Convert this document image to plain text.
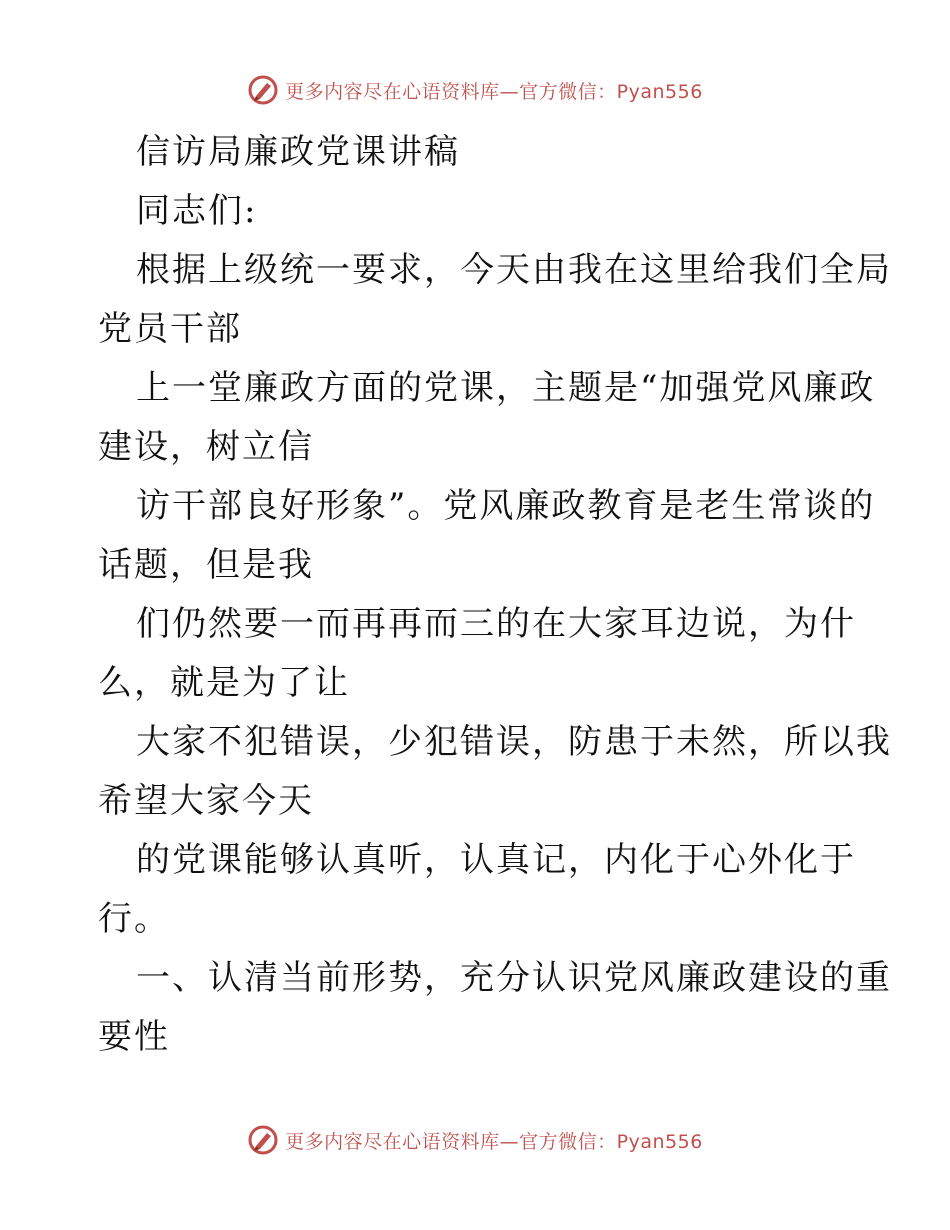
更多内容尽在心语资料库—官方微信：Pyan556
信访局廉政党课讲稿
同志们:
根据上级统一要求，今天由我在这里给我们全局
党员干部
上一堂廉政方面的党课，主题是“加强党风廉政
建设，树立信
访干部良好形象”。党风廉政教育是老生常谈的
话题，但是我
们仍然要一而再再而三的在大家耳边说，为什
么，就是为了让
大家不犯错误，少犯错误，防患于未然，所以我
希望大家今天
的党课能够认真听，认真记，内化于心外化于
行。
一、认清当前形势，充分认识党风廉政建设的重
要性
更多内容尽在心语资料库—官方微信：Pyan556
